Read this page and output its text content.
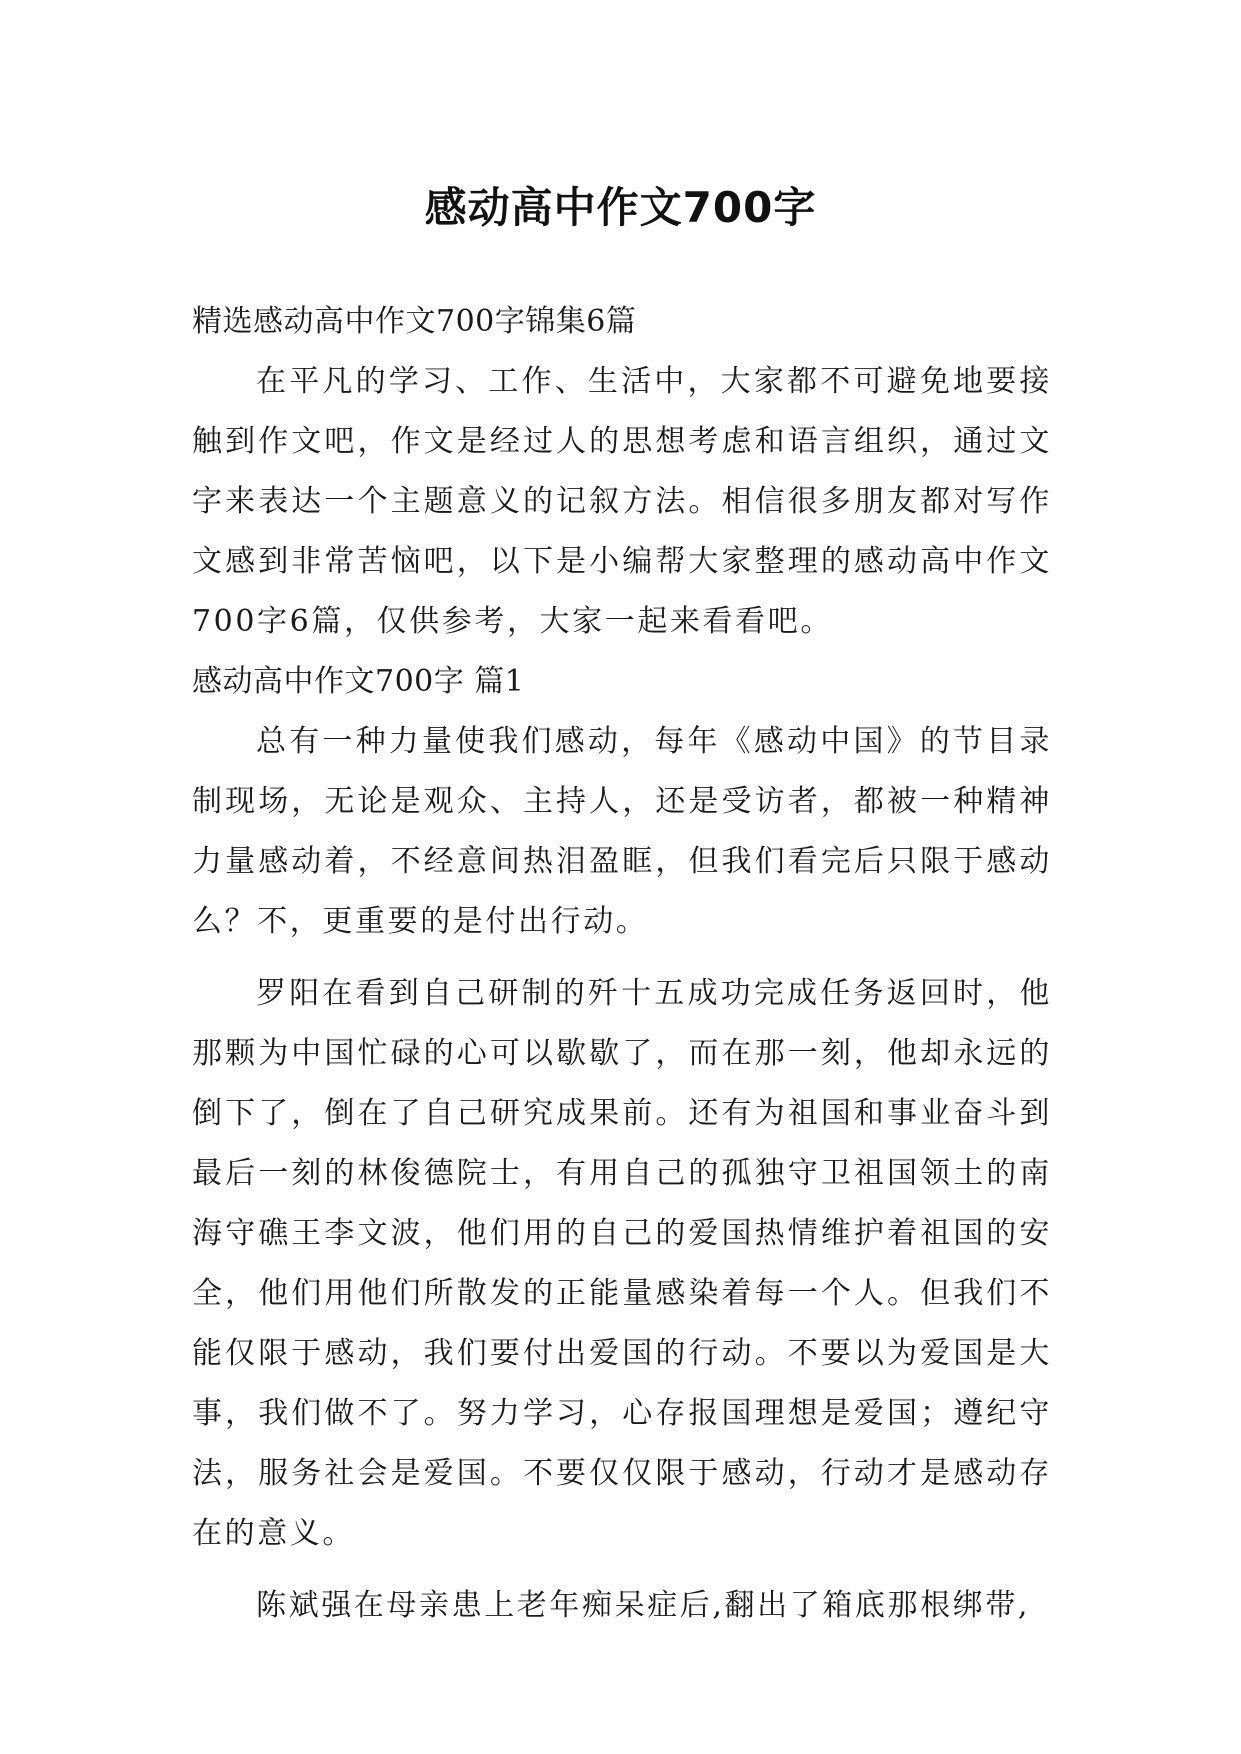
感动高中作文700字
精选感动高中作文700字锦集6篇

在平凡的学习、工作、生活中，大家都不可避免地要接触到作文吧，作文是经过人的思想考虑和语言组织，通过文字来表达一个主题意义的记叙方法。相信很多朋友都对写作文感到非常苦恼吧，以下是小编帮大家整理的感动高中作文700字6篇，仅供参考，大家一起来看看吧。

感动高中作文700字 篇1

总有一种力量使我们感动，每年《感动中国》的节目录制现场，无论是观众、主持人，还是受访者，都被一种精神力量感动着，不经意间热泪盈眶，但我们看完后只限于感动么？不，更重要的是付出行动。

罗阳在看到自己研制的歼十五成功完成任务返回时，他那颗为中国忙碌的心可以歇歇了，而在那一刻，他却永远的倒下了，倒在了自己研究成果前。还有为祖国和事业奋斗到最后一刻的林俊德院士，有用自己的孤独守卫祖国领土的南海守礁王李文波，他们用的自己的爱国热情维护着祖国的安全，他们用他们所散发的正能量感染着每一个人。但我们不能仅限于感动，我们要付出爱国的行动。不要以为爱国是大事，我们做不了。努力学习，心存报国理想是爱国；遵纪守法，服务社会是爱国。不要仅仅限于感动，行动才是感动存在的意义。

陈斌强在母亲患上老年痴呆症后,翻出了箱底那根绑带,
